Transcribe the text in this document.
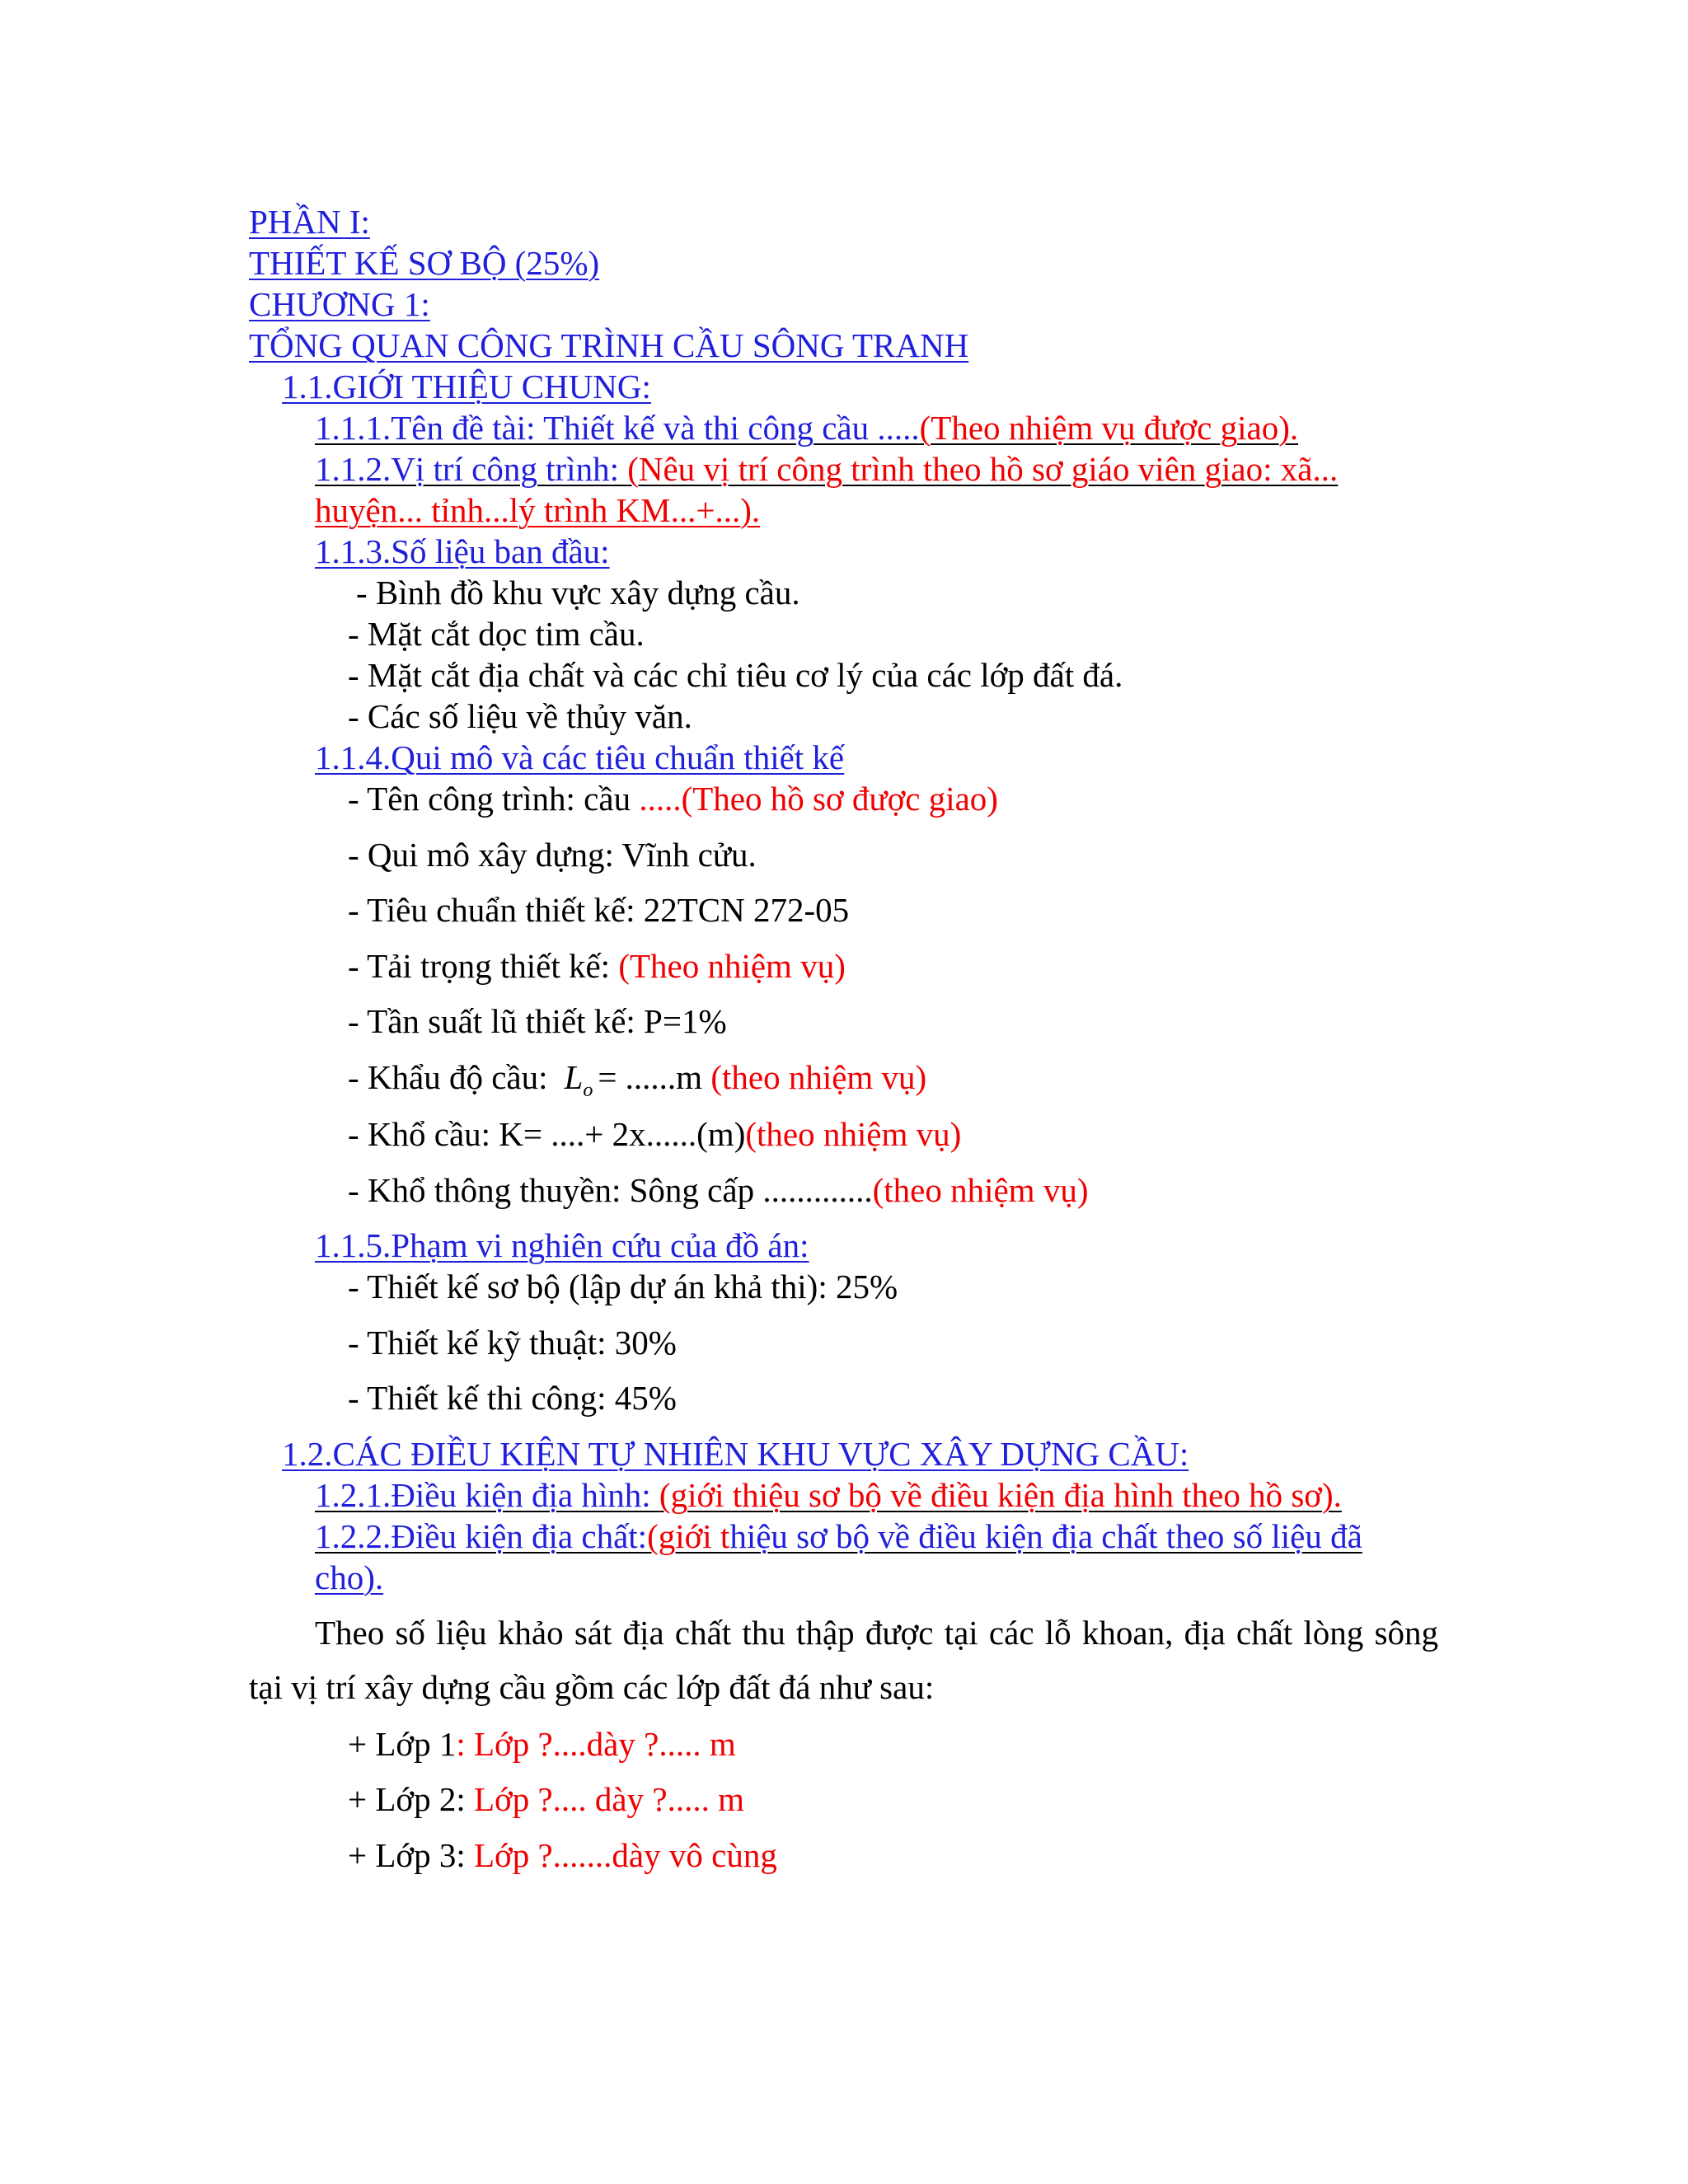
PHẦN I:
THIẾT KẾ SƠ BỘ (25%)
CHƯƠNG 1:
TỔNG QUAN CÔNG TRÌNH CẦU SÔNG TRANH
1.1.GIỚI THIỆU CHUNG:
1.1.1.Tên đề tài: Thiết kế và thi công cầu .....(Theo nhiệm vụ được giao).
1.1.2.Vị trí công trình: (Nêu vị trí công trình theo hồ sơ giáo viên giao: xã...
huyện... tỉnh...lý trình KM...+...).
1.1.3.Số liệu ban đầu:
- Bình đồ khu vực xây dựng cầu.
- Mặt cắt dọc tim cầu.
- Mặt cắt địa chất và các chỉ tiêu cơ lý của các lớp đất đá.
- Các số liệu về thủy văn.
1.1.4.Qui mô và các tiêu chuẩn thiết kế
- Tên công trình: cầu .....(Theo hồ sơ được giao)
- Qui mô xây dựng: Vĩnh cửu.
- Tiêu chuẩn thiết kế: 22TCN 272-05
- Tải trọng thiết kế: (Theo nhiệm vụ)
- Tần suất lũ thiết kế: P=1%
- Khẩu độ cầu: $L_o = ......m$ (theo nhiệm vụ)
- Khổ cầu: K= ....+ 2x......(m)(theo nhiệm vụ)
- Khổ thông thuyền: Sông cấp .............(theo nhiệm vụ)
1.1.5.Phạm vi nghiên cứu của đồ án:
- Thiết kế sơ bộ (lập dự án khả thi): 25%
- Thiết kế kỹ thuật: 30%
- Thiết kế thi công: 45%
1.2.CÁC ĐIỀU KIỆN TỰ NHIÊN KHU VỰC XÂY DỰNG CẦU:
1.2.1.Điều kiện địa hình: (giới thiệu sơ bộ về điều kiện địa hình theo hồ sơ).
1.2.2.Điều kiện địa chất:(giới thiệu sơ bộ về điều kiện địa chất theo số liệu đã
cho).

Theo số liệu khảo sát địa chất thu thập được tại các lỗ khoan, địa chất lòng sông tại vị trí xây dựng cầu gồm các lớp đất đá như sau:

+ Lớp 1: Lớp ?....dày ?..... m
+ Lớp 2: Lớp ?.... dày ?..... m
+ Lớp 3: Lớp ?.......dày vô cùng
